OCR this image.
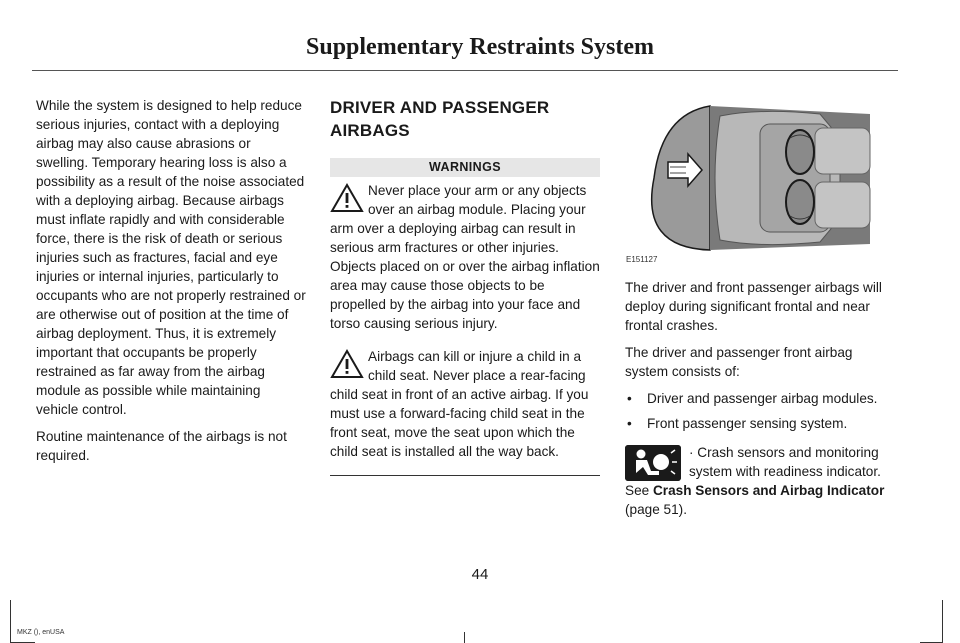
Supplementary Restraints System

While the system is designed to help reduce serious injuries, contact with a deploying airbag may also cause abrasions or swelling. Temporary hearing loss is also a possibility as a result of the noise associated with a deploying airbag. Because airbags must inflate rapidly and with considerable force, there is the risk of death or serious injuries such as fractures, facial and eye injuries or internal injuries, particularly to occupants who are not properly restrained or are otherwise out of position at the time of airbag deployment. Thus, it is extremely important that occupants be properly restrained as far away from the airbag module as possible while maintaining vehicle control.

Routine maintenance of the airbags is not required.

DRIVER AND PASSENGER AIRBAGS
WARNINGS
Never place your arm or any objects over an airbag module. Placing your arm over a deploying airbag can result in serious arm fractures or other injuries. Objects placed on or over the airbag inflation area may cause those objects to be propelled by the airbag into your face and torso causing serious injury.
Airbags can kill or injure a child in a child seat. Never place a rear-facing child seat in front of an active airbag. If you must use a forward-facing child seat in the front seat, move the seat upon which the child seat is installed all the way back.
E151127

The driver and front passenger airbags will deploy during significant frontal and near frontal crashes.

The driver and passenger front airbag system consists of:

• Driver and passenger airbag modules.
• Front passenger sensing system.
· Crash sensors and monitoring system with readiness indicator. See Crash Sensors and Airbag Indicator (page 51).
44
MKZ (), enUSA
